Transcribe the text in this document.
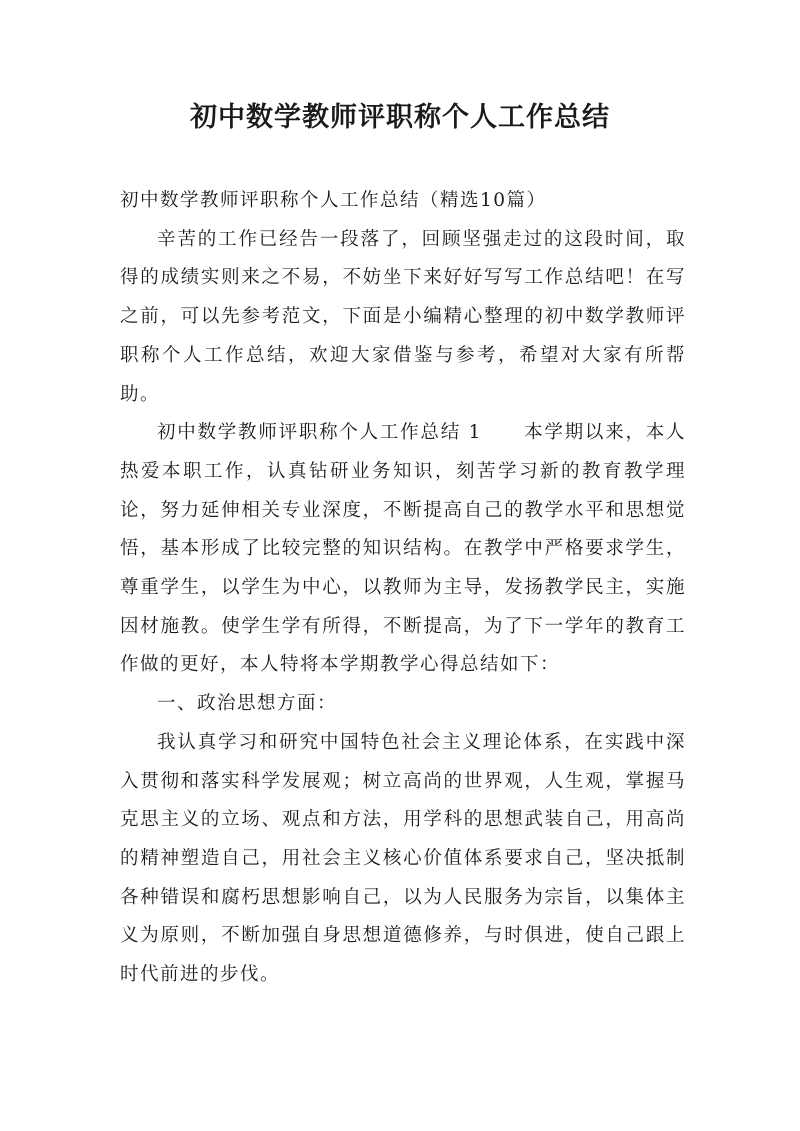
初中数学教师评职称个人工作总结

初中数学教师评职称个人工作总结（精选10篇）

辛苦的工作已经告一段落了，回顾坚强走过的这段时间，取得的成绩实则来之不易，不妨坐下来好好写写工作总结吧！在写之前，可以先参考范文，下面是小编精心整理的初中数学教师评职称个人工作总结，欢迎大家借鉴与参考，希望对大家有所帮助。

初中数学教师评职称个人工作总结 1 本学期以来，本人热爱本职工作，认真钻研业务知识，刻苦学习新的教育教学理论，努力延伸相关专业深度，不断提高自己的教学水平和思想觉悟，基本形成了比较完整的知识结构。在教学中严格要求学生，尊重学生，以学生为中心，以教师为主导，发扬教学民主，实施因材施教。使学生学有所得，不断提高，为了下一学年的教育工作做的更好，本人特将本学期教学心得总结如下：

一、政治思想方面：

我认真学习和研究中国特色社会主义理论体系，在实践中深入贯彻和落实科学发展观；树立高尚的世界观，人生观，掌握马克思主义的立场、观点和方法，用学科的思想武装自己，用高尚的精神塑造自己，用社会主义核心价值体系要求自己，坚决抵制各种错误和腐朽思想影响自己，以为人民服务为宗旨，以集体主义为原则，不断加强自身思想道德修养，与时俱进，使自己跟上时代前进的步伐。
